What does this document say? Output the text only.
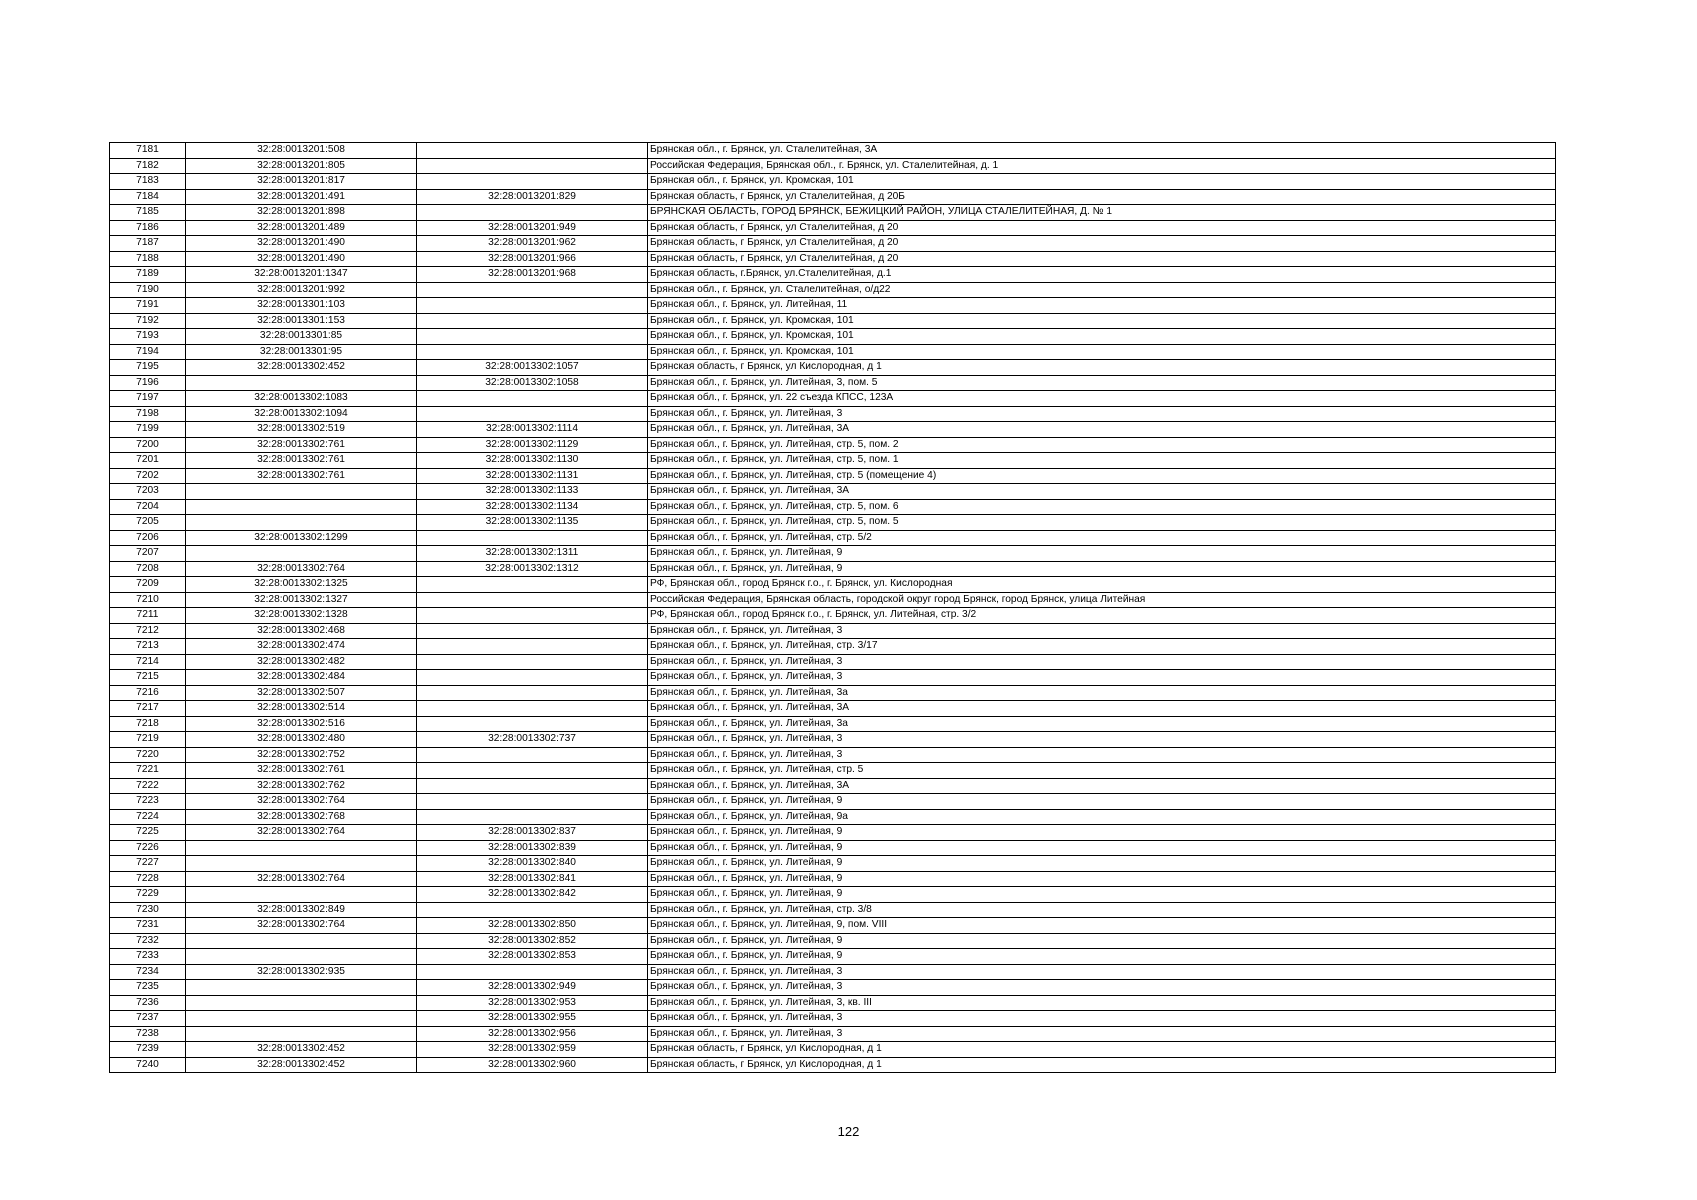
7181	32:28:0013201:508		Брянская обл., г. Брянск, ул. Сталелитейная, 3А
7182	32:28:0013201:805		Российская Федерация, Брянская обл., г. Брянск, ул. Сталелитейная, д. 1
7183	32:28:0013201:817		Брянская обл., г. Брянск, ул. Кромская, 101
7184	32:28:0013201:491	32:28:0013201:829	Брянская область, г Брянск, ул Сталелитейная, д 20Б
7185	32:28:0013201:898		БРЯНСКАЯ ОБЛАСТЬ, ГОРОД БРЯНСК, БЕЖИЦКИЙ РАЙОН, УЛИЦА СТАЛЕЛИТЕЙНАЯ, Д. № 1
7186	32:28:0013201:489	32:28:0013201:949	Брянская область, г Брянск, ул Сталелитейная, д 20
7187	32:28:0013201:490	32:28:0013201:962	Брянская область, г Брянск, ул Сталелитейная, д 20
7188	32:28:0013201:490	32:28:0013201:966	Брянская область, г Брянск, ул Сталелитейная, д 20
7189	32:28:0013201:1347	32:28:0013201:968	Брянская область, г.Брянск, ул.Сталелитейная, д.1
7190	32:28:0013201:992		Брянская обл., г. Брянск, ул. Сталелитейная, о/д22
7191	32:28:0013301:103		Брянская обл., г. Брянск, ул. Литейная, 11
7192	32:28:0013301:153		Брянская обл., г. Брянск, ул. Кромская, 101
7193	32:28:0013301:85		Брянская обл., г. Брянск, ул. Кромская, 101
7194	32:28:0013301:95		Брянская обл., г. Брянск, ул. Кромская, 101
7195	32:28:0013302:452	32:28:0013302:1057	Брянская область, г Брянск, ул Кислородная, д 1
7196		32:28:0013302:1058	Брянская обл., г. Брянск, ул. Литейная, 3, пом. 5
7197	32:28:0013302:1083		Брянская обл., г. Брянск, ул. 22 съезда КПСС, 123А
7198	32:28:0013302:1094		Брянская обл., г. Брянск, ул. Литейная, 3
7199	32:28:0013302:519	32:28:0013302:1114	Брянская обл., г. Брянск, ул. Литейная, 3А
7200	32:28:0013302:761	32:28:0013302:1129	Брянская обл., г. Брянск, ул. Литейная, стр. 5, пом. 2
7201	32:28:0013302:761	32:28:0013302:1130	Брянская обл., г. Брянск, ул. Литейная, стр. 5, пом. 1
7202	32:28:0013302:761	32:28:0013302:1131	Брянская обл., г. Брянск, ул. Литейная, стр. 5 (помещение 4)
7203		32:28:0013302:1133	Брянская обл., г. Брянск, ул. Литейная, 3А
7204		32:28:0013302:1134	Брянская обл., г. Брянск, ул. Литейная, стр. 5, пом. 6
7205		32:28:0013302:1135	Брянская обл., г. Брянск, ул. Литейная, стр. 5, пом. 5
7206	32:28:0013302:1299		Брянская обл., г. Брянск, ул. Литейная, стр. 5/2
7207		32:28:0013302:1311	Брянская обл., г. Брянск, ул. Литейная, 9
7208	32:28:0013302:764	32:28:0013302:1312	Брянская обл., г. Брянск, ул. Литейная, 9
7209	32:28:0013302:1325		РФ, Брянская обл., город Брянск г.о., г. Брянск, ул. Кислородная
7210	32:28:0013302:1327		Российская Федерация, Брянская область, городской округ город Брянск, город Брянск, улица Литейная
7211	32:28:0013302:1328		РФ, Брянская обл., город Брянск г.о., г. Брянск, ул. Литейная, стр. 3/2
7212	32:28:0013302:468		Брянская обл., г. Брянск, ул. Литейная, 3
7213	32:28:0013302:474		Брянская обл., г. Брянск, ул. Литейная, стр. 3/17
7214	32:28:0013302:482		Брянская обл., г. Брянск, ул. Литейная, 3
7215	32:28:0013302:484		Брянская обл., г. Брянск, ул. Литейная, 3
7216	32:28:0013302:507		Брянская обл., г. Брянск, ул. Литейная, 3а
7217	32:28:0013302:514		Брянская обл., г. Брянск, ул. Литейная, 3А
7218	32:28:0013302:516		Брянская обл., г. Брянск, ул. Литейная, 3а
7219	32:28:0013302:480	32:28:0013302:737	Брянская обл., г. Брянск, ул. Литейная, 3
7220	32:28:0013302:752		Брянская обл., г. Брянск, ул. Литейная, 3
7221	32:28:0013302:761		Брянская обл., г. Брянск, ул. Литейная, стр. 5
7222	32:28:0013302:762		Брянская обл., г. Брянск, ул. Литейная, 3А
7223	32:28:0013302:764		Брянская обл., г. Брянск, ул. Литейная, 9
7224	32:28:0013302:768		Брянская обл., г. Брянск, ул. Литейная, 9а
7225	32:28:0013302:764	32:28:0013302:837	Брянская обл., г. Брянск, ул. Литейная, 9
7226		32:28:0013302:839	Брянская обл., г. Брянск, ул. Литейная, 9
7227		32:28:0013302:840	Брянская обл., г. Брянск, ул. Литейная, 9
7228	32:28:0013302:764	32:28:0013302:841	Брянская обл., г. Брянск, ул. Литейная, 9
7229		32:28:0013302:842	Брянская обл., г. Брянск, ул. Литейная, 9
7230	32:28:0013302:849		Брянская обл., г. Брянск, ул. Литейная, стр. 3/8
7231	32:28:0013302:764	32:28:0013302:850	Брянская обл., г. Брянск, ул. Литейная, 9, пом. VIII
7232		32:28:0013302:852	Брянская обл., г. Брянск, ул. Литейная, 9
7233		32:28:0013302:853	Брянская обл., г. Брянск, ул. Литейная, 9
7234	32:28:0013302:935		Брянская обл., г. Брянск, ул. Литейная, 3
7235		32:28:0013302:949	Брянская обл., г. Брянск, ул. Литейная, 3
7236		32:28:0013302:953	Брянская обл., г. Брянск, ул. Литейная, 3, кв. III
7237		32:28:0013302:955	Брянская обл., г. Брянск, ул. Литейная, 3
7238		32:28:0013302:956	Брянская обл., г. Брянск, ул. Литейная, 3
7239	32:28:0013302:452	32:28:0013302:959	Брянская область, г Брянск, ул Кислородная, д 1
7240	32:28:0013302:452	32:28:0013302:960	Брянская область, г Брянск, ул Кислородная, д 1
122
